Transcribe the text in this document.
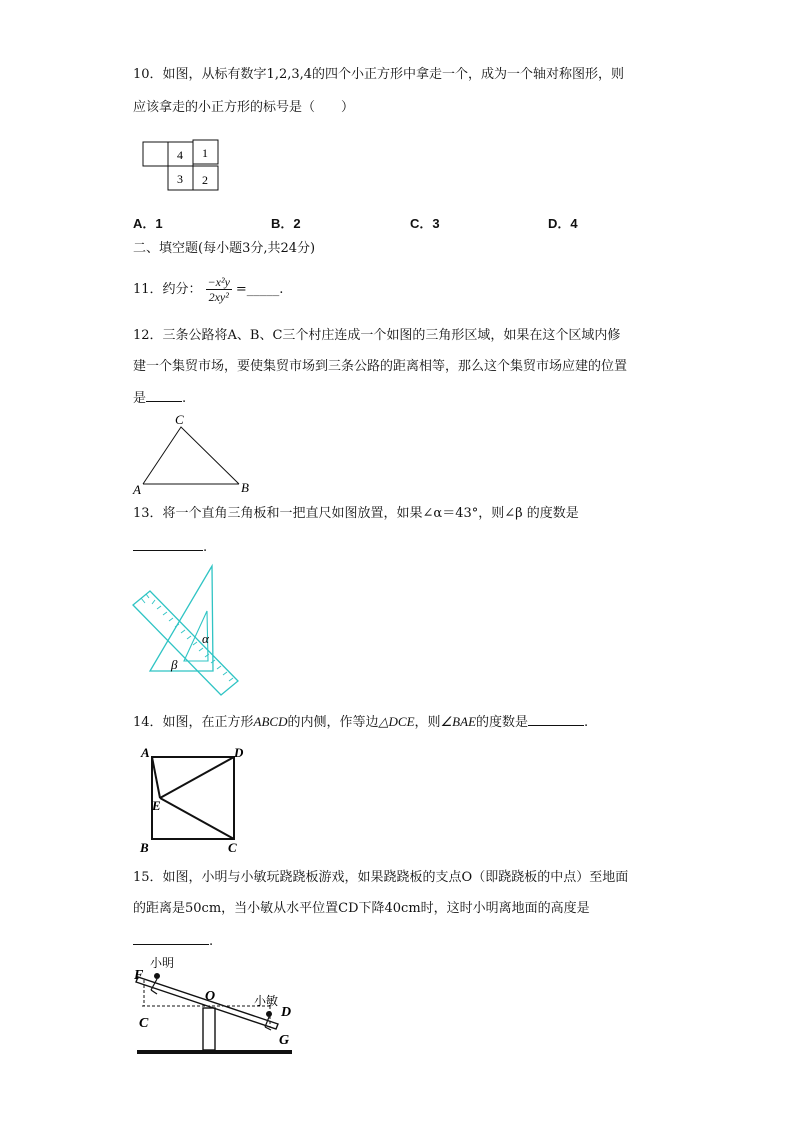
10．如图，从标有数字1,2,3,4的四个小正方形中拿走一个，成为一个轴对称图形，则
应该拿走的小正方形的标号是（　　）
4 1
3 2
A．1	B．2	C．3	D．4
二、填空题(每小题3分,共24分)
11．约分： $\frac{\text{−x²y}}{\text{2xy²}}$ =_____.
12．三条公路将A、B、C三个村庄连成一个如图的三角形区域，如果在这个区域内修
建一个集贸市场，要使集贸市场到三条公路的距离相等，那么这个集贸市场应建的位置
是	.
C
A	B
13．将一个直角三角板和一把直尺如图放置，如果∠α＝43°，则∠β 的度数是
.
α
β
14．如图，在正方形ABCD的内侧，作等边△DCE，则∠BAE的度数是	.
A	D
E
B	C
15．如图，小明与小敏玩跷跷板游戏，如果跷跷板的支点O（即跷跷板的中点）至地面
的距离是50cm，当小敏从水平位置CD下降40cm时，这时小明离地面的高度是
.
小明
F
O	小敏
D
C
G
